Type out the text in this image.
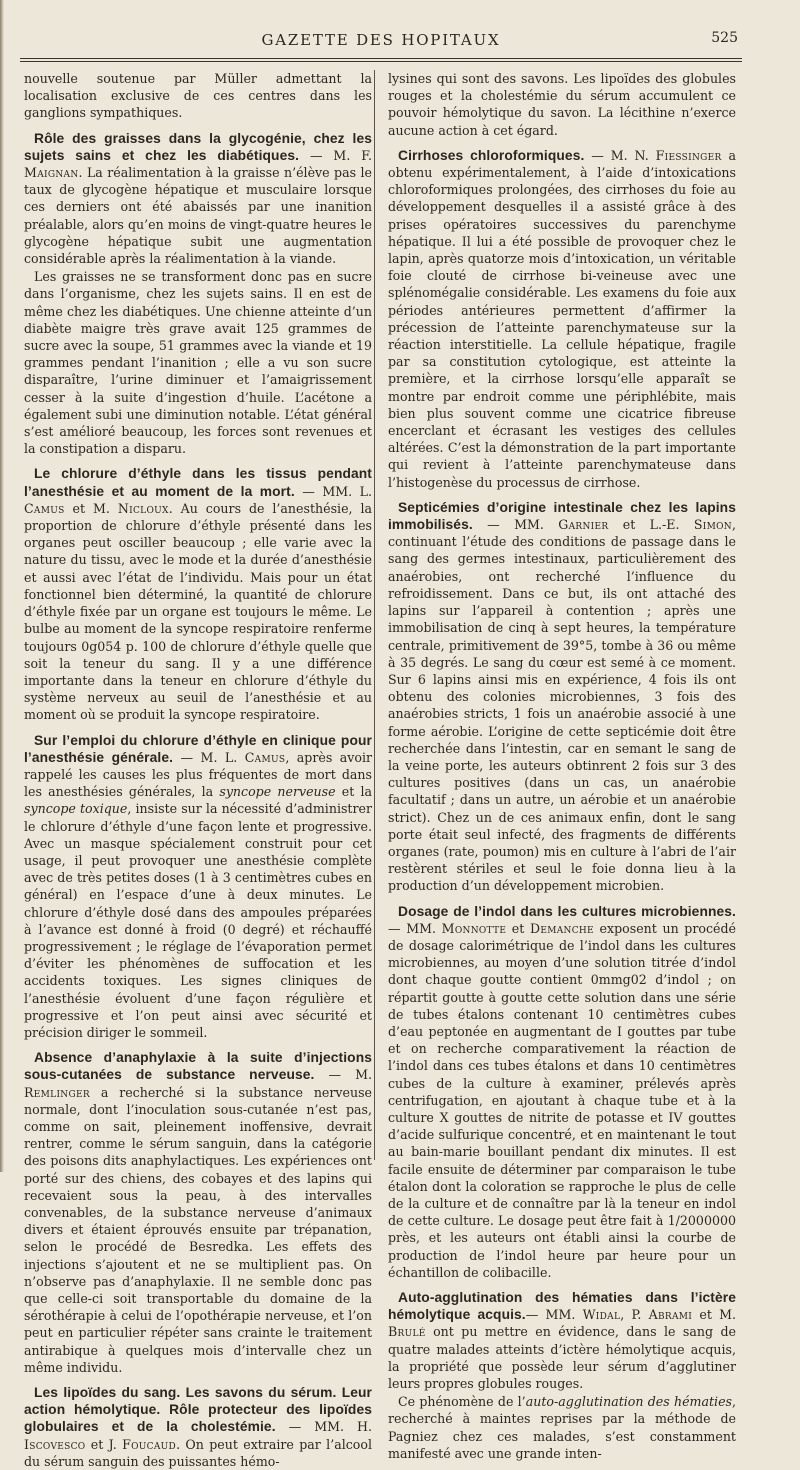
GAZETTE DES HOPITAUX	525

nouvelle soutenue par Müller admettant la localisation exclusive de ces centres dans les ganglions sympathiques.

Rôle des graisses dans la glycogénie, chez les sujets sains et chez les diabétiques. — M. F. Maignan. La réalimentation à la graisse n’élève pas le taux de glycogène hépatique et musculaire lorsque ces derniers ont été abaissés par une inanition préalable, alors qu’en moins de vingt-quatre heures le glycogène hépatique subit une augmentation considérable après la réalimentation à la viande.

Les graisses ne se transforment donc pas en sucre dans l’organisme, chez les sujets sains. Il en est de même chez les diabétiques. Une chienne atteinte d’un diabète maigre très grave avait 125 grammes de sucre avec la soupe, 51 grammes avec la viande et 19 grammes pendant l’inanition ; elle a vu son sucre disparaître, l’urine diminuer et l’amaigrissement cesser à la suite d’ingestion d’huile. L’acétone a également subi une diminution notable. L’état général s’est amélioré beaucoup, les forces sont revenues et la constipation a disparu.

Le chlorure d’éthyle dans les tissus pendant l’anesthésie et au moment de la mort. — MM. L. Camus et M. Nicloux. Au cours de l’anesthésie, la proportion de chlorure d’éthyle présenté dans les organes peut osciller beaucoup ; elle varie avec la nature du tissu, avec le mode et la durée d’anesthésie et aussi avec l’état de l’individu. Mais pour un état fonctionnel bien déterminé, la quantité de chlorure d’éthyle fixée par un organe est toujours le même. Le bulbe au moment de la syncope respiratoire renferme toujours 0g054 p. 100 de chlorure d’éthyle quelle que soit la teneur du sang. Il y a une différence importante dans la teneur en chlorure d’éthyle du système nerveux au seuil de l’anesthésie et au moment où se produit la syncope respiratoire.

Sur l’emploi du chlorure d’éthyle en clinique pour l’anesthésie générale. — M. L. Camus, après avoir rappelé les causes les plus fréquentes de mort dans les anesthésies générales, la syncope nerveuse et la syncope toxique, insiste sur la nécessité d’administrer le chlorure d’éthyle d’une façon lente et progressive. Avec un masque spécialement construit pour cet usage, il peut provoquer une anesthésie complète avec de très petites doses (1 à 3 centimètres cubes en général) en l’espace d’une à deux minutes. Le chlorure d’éthyle dosé dans des ampoules préparées à l’avance est donné à froid (0 degré) et réchauffé progressivement ; le réglage de l’évaporation permet d’éviter les phénomènes de suffocation et les accidents toxiques. Les signes cliniques de l’anesthésie évoluent d’une façon régulière et progressive et l’on peut ainsi avec sécurité et précision diriger le sommeil.

Absence d’anaphylaxie à la suite d’injections sous-cutanées de substance nerveuse. — M. Remlinger a recherché si la substance nerveuse normale, dont l’inoculation sous-cutanée n’est pas, comme on sait, pleinement inoffensive, devrait rentrer, comme le sérum sanguin, dans la catégorie des poisons dits anaphylactiques. Les expériences ont porté sur des chiens, des cobayes et des lapins qui recevaient sous la peau, à des intervalles convenables, de la substance nerveuse d’animaux divers et étaient éprouvés ensuite par trépanation, selon le procédé de Besredka. Les effets des injections s’ajoutent et ne se multiplient pas. On n’observe pas d’anaphylaxie. Il ne semble donc pas que celle-ci soit transportable du domaine de la sérothérapie à celui de l’opothérapie nerveuse, et l’on peut en particulier répéter sans crainte le traitement antirabique à quelques mois d’intervalle chez un même individu.

Les lipoïdes du sang. Les savons du sérum. Leur action hémolytique. Rôle protecteur des lipoïdes globulaires et de la cholestémie. — MM. H. Iscovesco et J. Foucaud. On peut extraire par l’alcool du sérum sanguin des puissantes hémo-

lysines qui sont des savons. Les lipoïdes des globules rouges et la cholestémie du sérum accumulent ce pouvoir hémolytique du savon. La lécithine n’exerce aucune action à cet égard.

Cirrhoses chloroformiques. — M. N. Fiessinger a obtenu expérimentalement, à l’aide d’intoxications chloroformiques prolongées, des cirrhoses du foie au développement desquelles il a assisté grâce à des prises opératoires successives du parenchyme hépatique. Il lui a été possible de provoquer chez le lapin, après quatorze mois d’intoxication, un véritable foie clouté de cirrhose bi-veineuse avec une splénomégalie considérable. Les examens du foie aux périodes antérieures permettent d’affirmer la précession de l’atteinte parenchymateuse sur la réaction interstitielle. La cellule hépatique, fragile par sa constitution cytologique, est atteinte la première, et la cirrhose lorsqu’elle apparaît se montre par endroit comme une périphlébite, mais bien plus souvent comme une cicatrice fibreuse encerclant et écrasant les vestiges des cellules altérées. C’est la démonstration de la part importante qui revient à l’atteinte parenchymateuse dans l’histogenèse du processus de cirrhose.

Septicémies d’origine intestinale chez les lapins immobilisés. — MM. Garnier et L.-E. Simon, continuant l’étude des conditions de passage dans le sang des germes intestinaux, particulièrement des anaérobies, ont recherché l’influence du refroidissement. Dans ce but, ils ont attaché des lapins sur l’appareil à contention ; après une immobilisation de cinq à sept heures, la température centrale, primitivement de 39°5, tombe à 36 ou même à 35 degrés. Le sang du cœur est semé à ce moment. Sur 6 lapins ainsi mis en expérience, 4 fois ils ont obtenu des colonies microbiennes, 3 fois des anaérobies stricts, 1 fois un anaérobie associé à une forme aérobie. L’origine de cette septicémie doit être recherchée dans l’intestin, car en semant le sang de la veine porte, les auteurs obtinrent 2 fois sur 3 des cultures positives (dans un cas, un anaérobie facultatif ; dans un autre, un aérobie et un anaérobie strict). Chez un de ces animaux enfin, dont le sang porte était seul infecté, des fragments de différents organes (rate, poumon) mis en culture à l’abri de l’air restèrent stériles et seul le foie donna lieu à la production d’un développement microbien.

Dosage de l’indol dans les cultures microbiennes. — MM. Monnotte et Demanche exposent un procédé de dosage calorimétrique de l’indol dans les cultures microbiennes, au moyen d’une solution titrée d’indol dont chaque goutte contient 0mmg02 d’indol ; on répartit goutte à goutte cette solution dans une série de tubes étalons contenant 10 centimètres cubes d’eau peptonée en augmentant de I gouttes par tube et on recherche comparativement la réaction de l’indol dans ces tubes étalons et dans 10 centimètres cubes de la culture à examiner, prélevés après centrifugation, en ajoutant à chaque tube et à la culture X gouttes de nitrite de potasse et IV gouttes d’acide sulfurique concentré, et en maintenant le tout au bain-marie bouillant pendant dix minutes. Il est facile ensuite de déterminer par comparaison le tube étalon dont la coloration se rapproche le plus de celle de la culture et de connaître par là la teneur en indol de cette culture. Le dosage peut être fait à 1/2000000 près, et les auteurs ont établi ainsi la courbe de production de l’indol heure par heure pour un échantillon de colibacille.

Auto-agglutination des hématies dans l’ictère hémolytique acquis.— MM. Widal, P. Abrami et M. Brulé ont pu mettre en évidence, dans le sang de quatre malades atteints d’ictère hémolytique acquis, la propriété que possède leur sérum d’agglutiner leurs propres globules rouges.

Ce phénomène de l’auto-agglutination des hématies, recherché à maintes reprises par la méthode de Pagniez chez ces malades, s’est constamment manifesté avec une grande inten-
